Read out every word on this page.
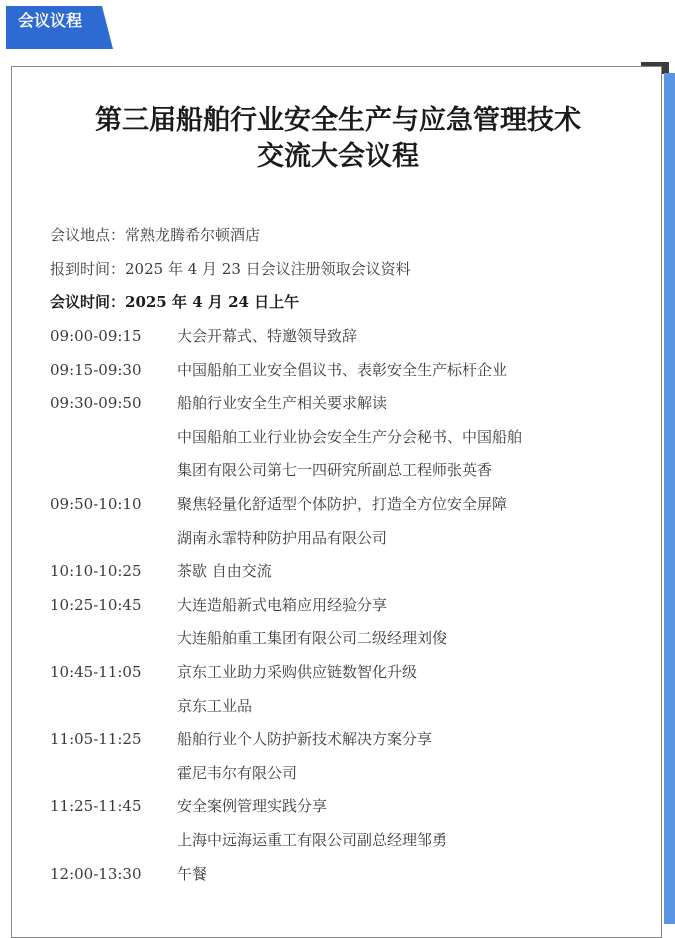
会议议程
第三届船舶行业安全生产与应急管理技术
交流大会议程
会议地点：常熟龙腾希尔顿酒店
报到时间：2025 年 4 月 23 日会议注册领取会议资料
会议时间：2025 年 4 月 24 日上午
09:00-09:15 大会开幕式、特邀领导致辞
09:15-09:30 中国船舶工业安全倡议书、表彰安全生产标杆企业
09:30-09:50 船舶行业安全生产相关要求解读
中国船舶工业行业协会安全生产分会秘书、中国船舶
集团有限公司第七一四研究所副总工程师张英香
09:50-10:10 聚焦轻量化舒适型个体防护，打造全方位安全屏障
湖南永霏特种防护用品有限公司
10:10-10:25 茶歇 自由交流
10:25-10:45 大连造船新式电箱应用经验分享
大连船舶重工集团有限公司二级经理刘俊
10:45-11:05 京东工业助力采购供应链数智化升级
京东工业品
11:05-11:25 船舶行业个人防护新技术解决方案分享
霍尼韦尔有限公司
11:25-11:45 安全案例管理实践分享
上海中远海运重工有限公司副总经理邹勇
12:00-13:30 午餐
